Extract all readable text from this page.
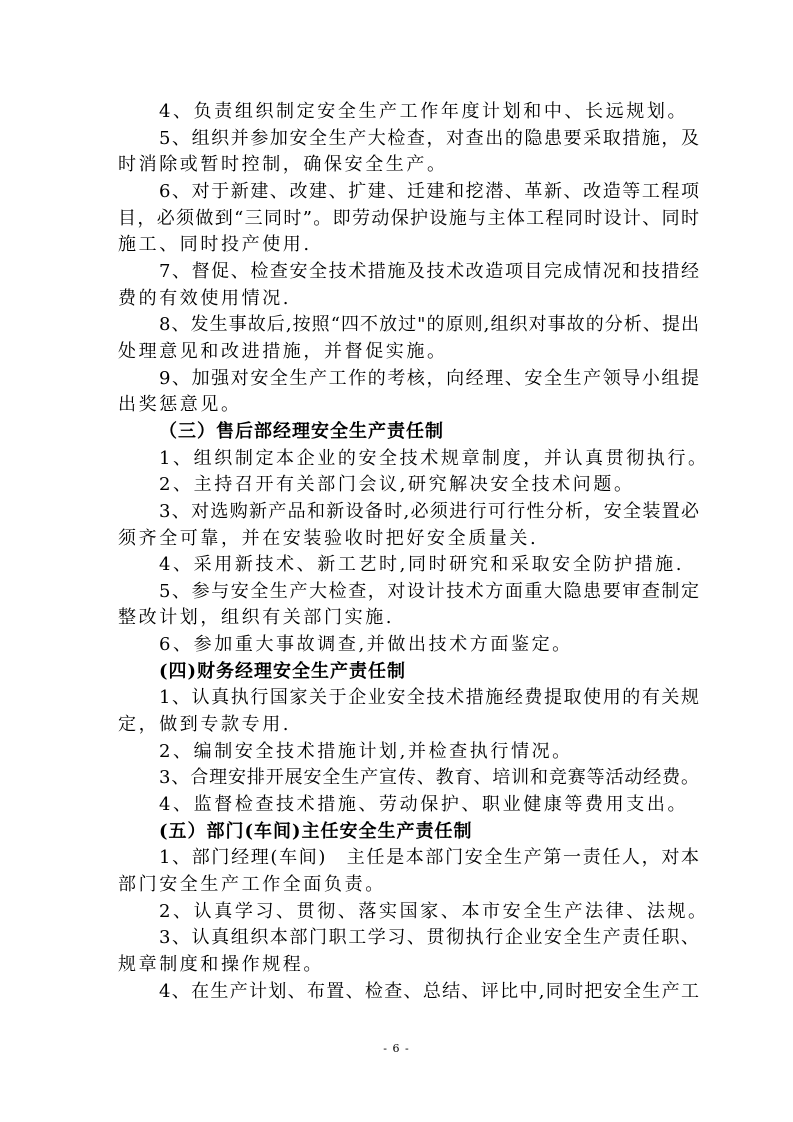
4、负责组织制定安全生产工作年度计划和中、长远规划。
5、组织并参加安全生产大检查，对查出的隐患要采取措施，及
时消除或暂时控制，确保安全生产。
6、对于新建、改建、扩建、迁建和挖潜、革新、改造等工程项
目，必须做到“三同时”。即劳动保护设施与主体工程同时设计、同时
施工、同时投产使用.
7、督促、检查安全技术措施及技术改造项目完成情况和技措经
费的有效使用情况.
8、发生事故后,按照“四不放过"的原则,组织对事故的分析、提出
处理意见和改进措施，并督促实施。
9、加强对安全生产工作的考核，向经理、安全生产领导小组提
出奖惩意见。
（三）售后部经理安全生产责任制
1、组织制定本企业的安全技术规章制度，并认真贯彻执行。
2、主持召开有关部门会议,研究解决安全技术问题。
3、对选购新产品和新设备时,必须进行可行性分析，安全装置必
须齐全可靠，并在安装验收时把好安全质量关.
4、采用新技术、新工艺时,同时研究和采取安全防护措施.
5、参与安全生产大检查，对设计技术方面重大隐患要审查制定
整改计划，组织有关部门实施.
6、参加重大事故调查,并做出技术方面鉴定。
(四)财务经理安全生产责任制
1、认真执行国家关于企业安全技术措施经费提取使用的有关规
定，做到专款专用.
2、编制安全技术措施计划,并检查执行情况。
3、合理安排开展安全生产宣传、教育、培训和竞赛等活动经费。
4、监督检查技术措施、劳动保护、职业健康等费用支出。
(五）部门(车间)主任安全生产责任制
1、部门经理(车间)　主任是本部门安全生产第一责任人，对本
部门安全生产工作全面负责。
2、认真学习、贯彻、落实国家、本市安全生产法律、法规。
3、认真组织本部门职工学习、贯彻执行企业安全生产责任职、
规章制度和操作规程。
4、在生产计划、布置、检查、总结、评比中,同时把安全生产工
- 6 -
